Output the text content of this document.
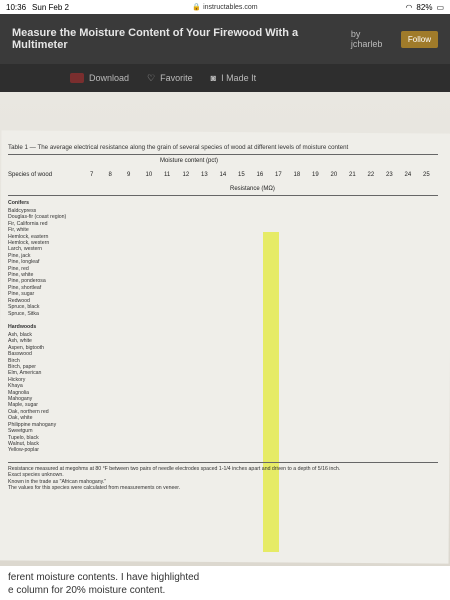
10:36 Sun Feb 2	🔒 instructables.com	◠ 82% ▭
Measure the Moisture Content of Your Firewood With a Multimeter
by jcharleb	Follow
Download ♡ Favorite ◙ I Made It
Table 1 — The average electrical resistance along the grain of several species of wood at different levels of moisture content
Moisture content (pct)
Species of wood	7	8	9	10 11 12 13 14 15 16 17 18 19 20 21 22 23 24 25
Resistance (MΩ)
Conifers
Baldcypress
Douglas-fir (coast region)
Fir, California red
Fir, white
Hemlock, eastern
Hemlock, western
Larch, western
Pine, jack
Pine, longleaf
Pine, red
Pine, white
Pine, ponderosa
Pine, shortleaf
Pine, sugar
Redwood
Spruce, black
Spruce, Sitka
Hardwoods
Ash, black
Ash, white
Aspen, bigtooth
Basswood
Birch
Birch, paper
Elm, American
Hickory
Khaya
Magnolia
Mahogany
Maple, sugar
Oak, northern red
Oak, white
Philippine mahogany
Sweetgum
Tupelo, black
Walnut, black
Yellow-poplar
Resistance measured at megohms at 80 °F between two pairs of needle electrodes spaced 1-1/4 inches apart and driven to a depth of 5/16 inch.
Exact species unknown.
Known in the trade as "African mahogany."
The values for this species were calculated from measurements on veneer.
ferent moisture contents. I have highlighted
e column for 20% moisture content.
